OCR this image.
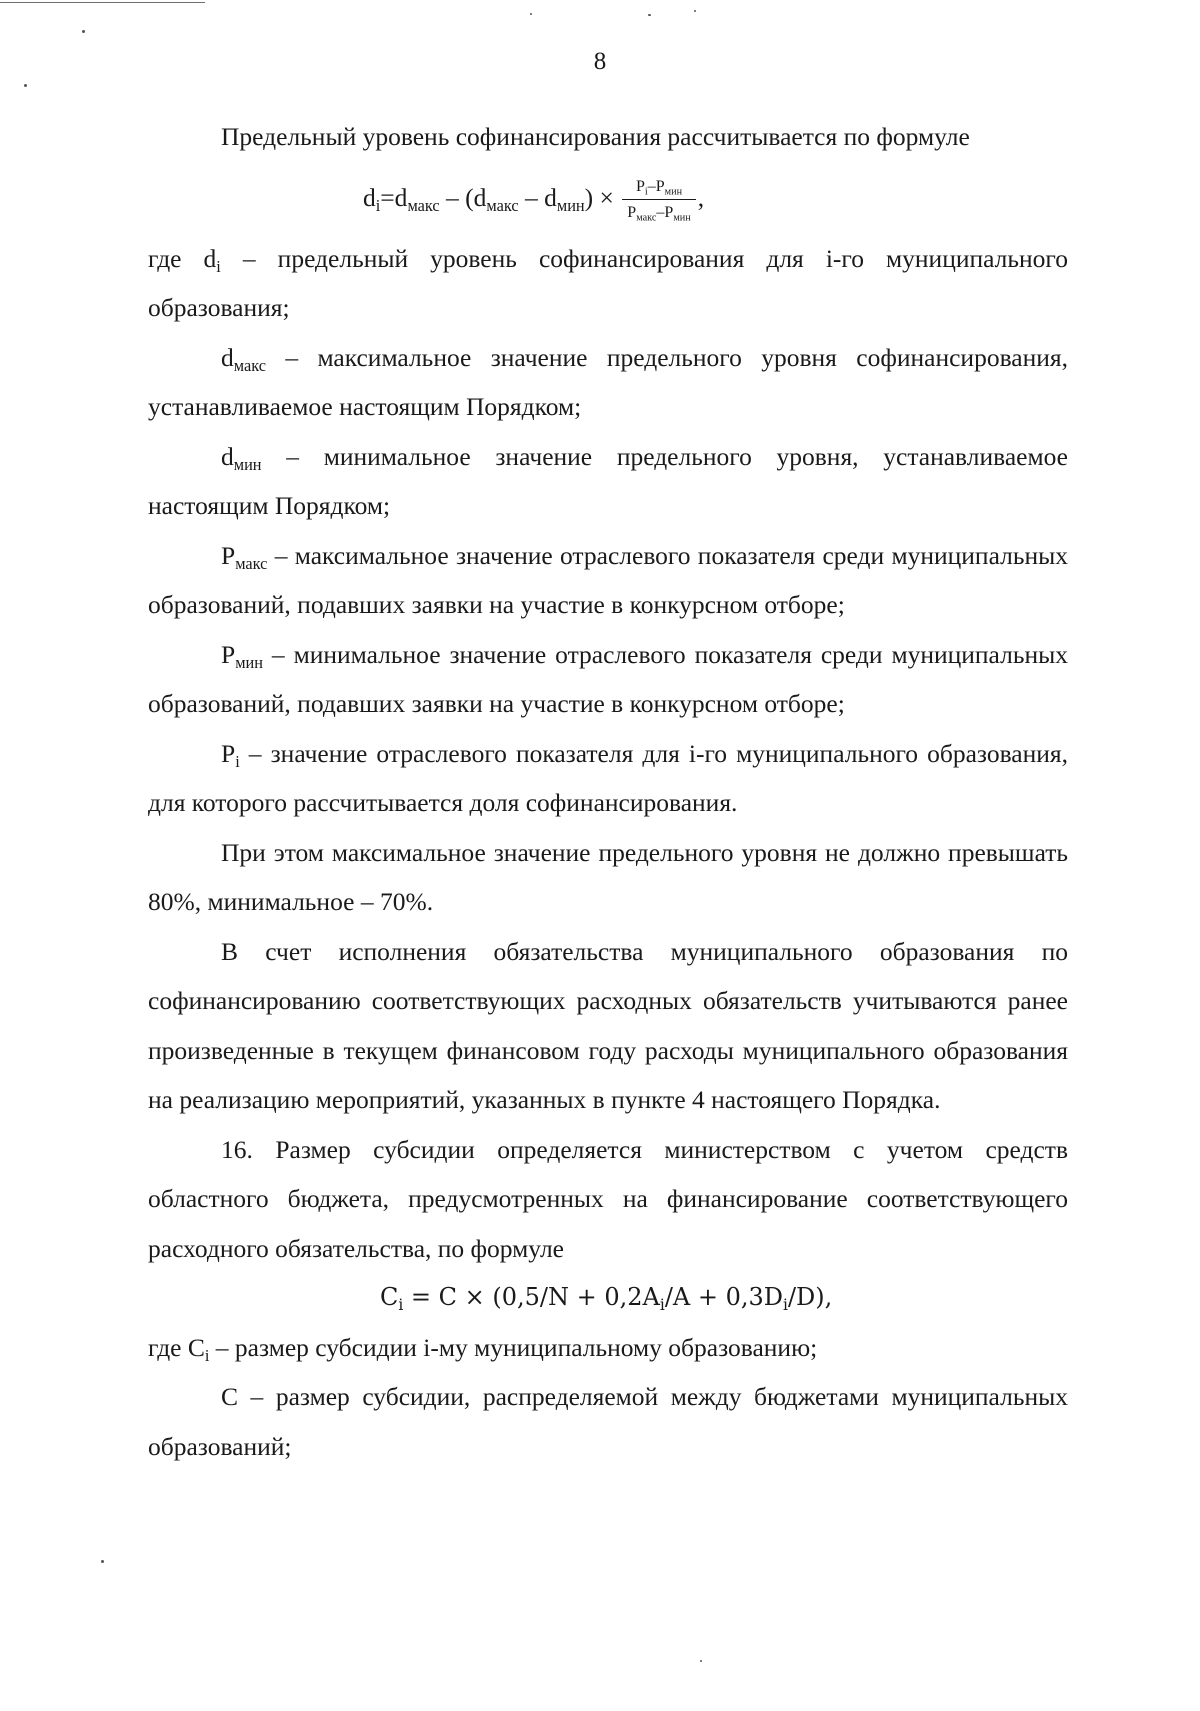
8

Предельный уровень софинансирования рассчитывается по формуле

$d_i=d_{макс} - (d_{макс} - d_{мин}) \times \frac{P_i-P_{мин}}{P_{макс}-P_{мин}}$ ,

где $d_i$ – предельный уровень софинансирования для i-го муниципального образования;

$d_{макс}$ – максимальное значение предельного уровня софинансирования, устанавливаемое настоящим Порядком;

$d_{мин}$ – минимальное значение предельного уровня, устанавливаемое настоящим Порядком;

$P_{макс}$ – максимальное значение отраслевого показателя среди муниципальных образований, подавших заявки на участие в конкурсном отборе;

$P_{мин}$ – минимальное значение отраслевого показателя среди муниципальных образований, подавших заявки на участие в конкурсном отборе;

$P_i$ – значение отраслевого показателя для i-го муниципального образования, для которого рассчитывается доля софинансирования.

При этом максимальное значение предельного уровня не должно превышать 80%, минимальное – 70%.

В счет исполнения обязательства муниципального образования по софинансированию соответствующих расходных обязательств учитываются ранее произведенные в текущем финансовом году расходы муниципального образования на реализацию мероприятий, указанных в пункте 4 настоящего Порядка.

16. Размер субсидии определяется министерством с учетом средств областного бюджета, предусмотренных на финансирование соответствующего расходного обязательства, по формуле

$C_i = C \times (0,5/N + 0,2A_i/A + 0,3D_i/D)$,

где $C_i$ – размер субсидии i-му муниципальному образованию;

C – размер субсидии, распределяемой между бюджетами муниципальных образований;
